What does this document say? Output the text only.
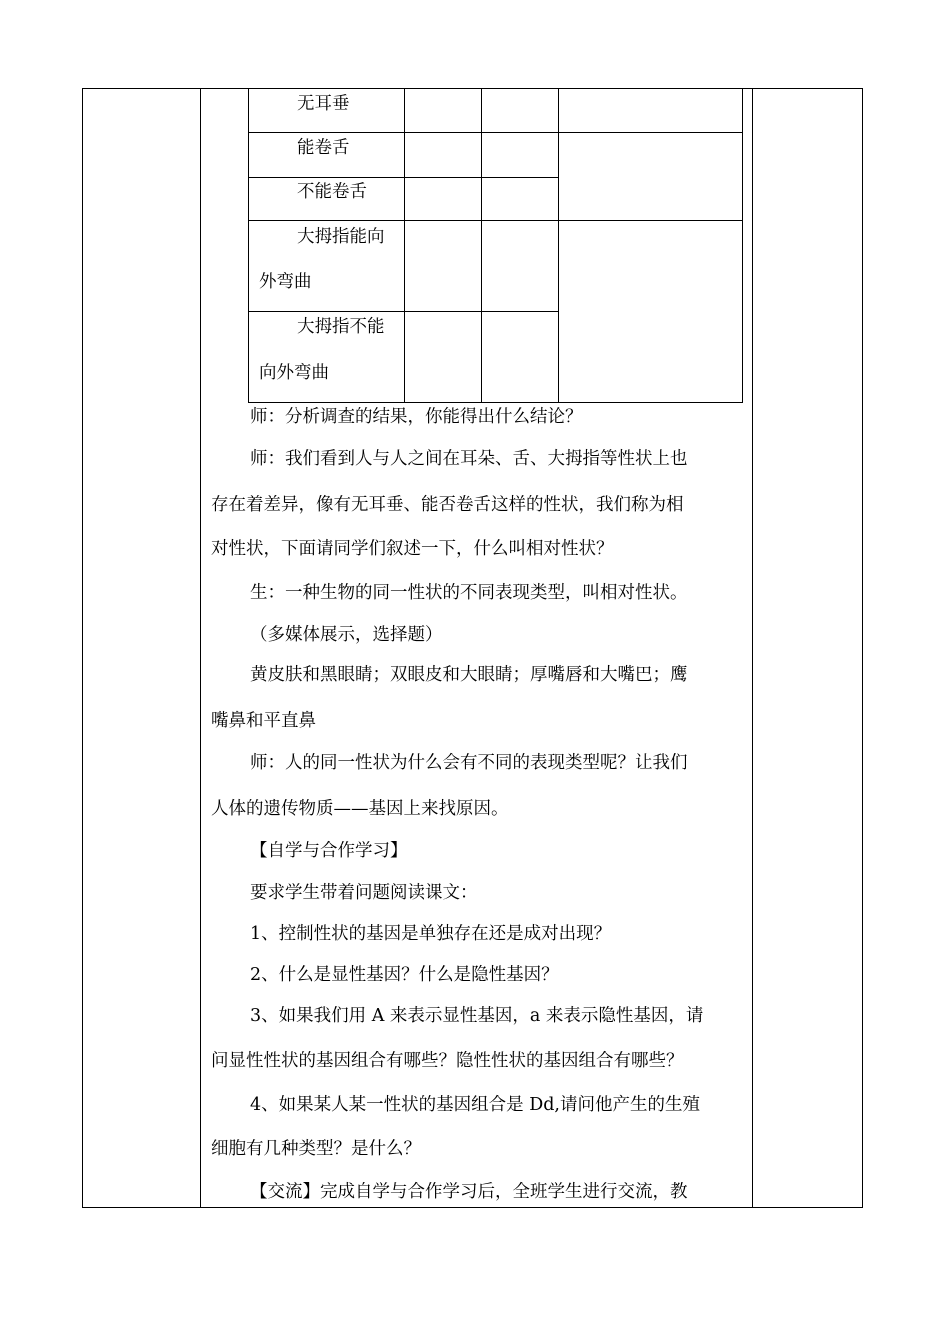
无耳垂
能卷舌
不能卷舌
大拇指能向
外弯曲
大拇指不能
向外弯曲
师：分析调查的结果，你能得出什么结论？
师：我们看到人与人之间在耳朵、舌、大拇指等性状上也
存在着差异，像有无耳垂、能否卷舌这样的性状，我们称为相
对性状，下面请同学们叙述一下，什么叫相对性状？
生：一种生物的同一性状的不同表现类型，叫相对性状。
（多媒体展示，选择题）
黄皮肤和黑眼睛；双眼皮和大眼睛；厚嘴唇和大嘴巴；鹰
嘴鼻和平直鼻
师：人的同一性状为什么会有不同的表现类型呢？让我们
人体的遗传物质——基因上来找原因。
【自学与合作学习】
要求学生带着问题阅读课文：
1、控制性状的基因是单独存在还是成对出现？
2、什么是显性基因？什么是隐性基因？
3、如果我们用 A 来表示显性基因，a 来表示隐性基因，请
问显性性状的基因组合有哪些？隐性性状的基因组合有哪些？
4、如果某人某一性状的基因组合是 Dd,请问他产生的生殖
细胞有几种类型？是什么？
【交流】完成自学与合作学习后，全班学生进行交流，教
